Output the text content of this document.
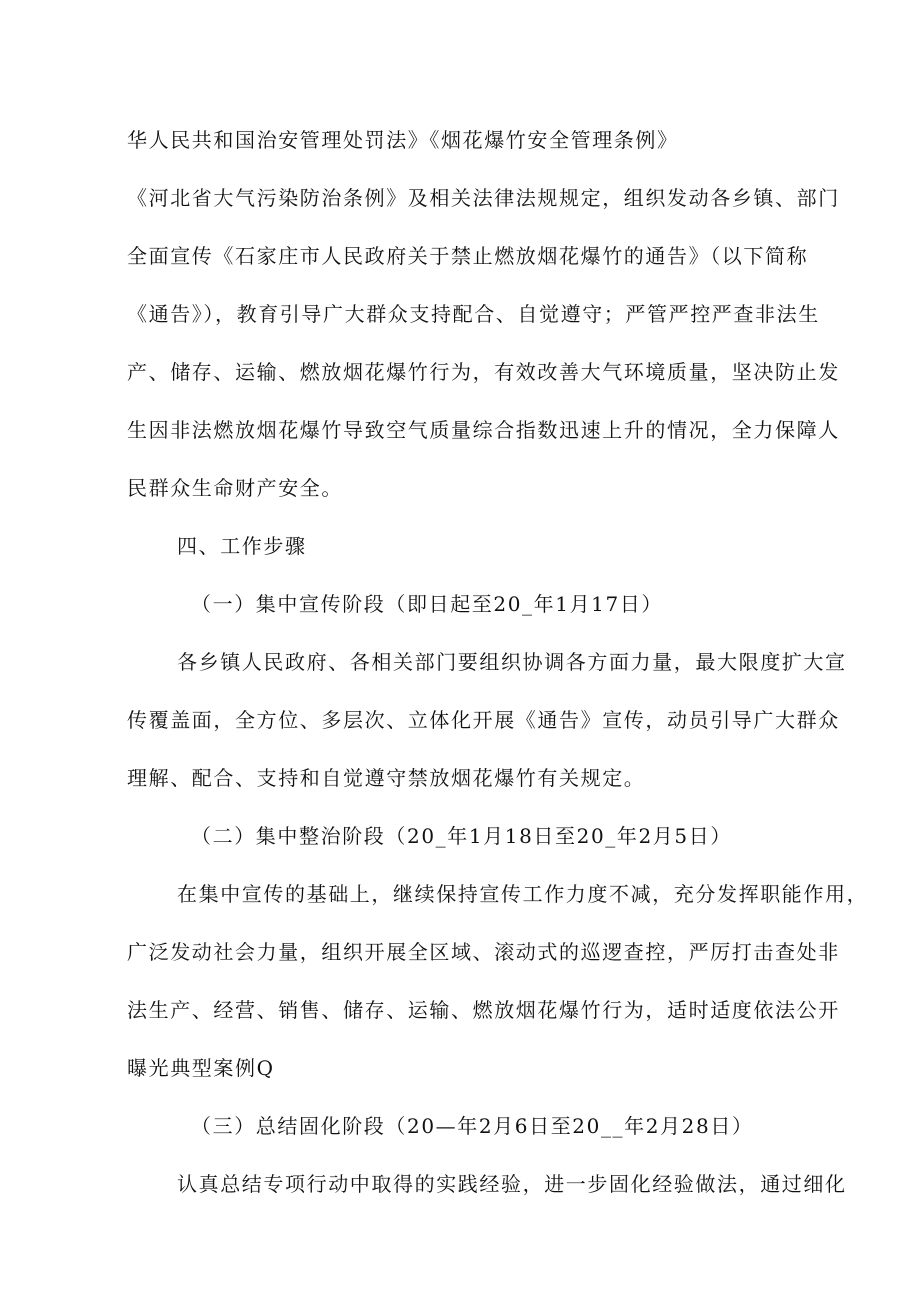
华人民共和国治安管理处罚法》《烟花爆竹安全管理条例》
《河北省大气污染防治条例》及相关法律法规规定，组织发动各乡镇、部门
全面宣传《石家庄市人民政府关于禁止燃放烟花爆竹的通告》（以下简称
《通告》），教育引导广大群众支持配合、自觉遵守；严管严控严查非法生
产、储存、运输、燃放烟花爆竹行为，有效改善大气环境质量，坚决防止发
生因非法燃放烟花爆竹导致空气质量综合指数迅速上升的情况，全力保障人
民群众生命财产安全。
四、工作步骤
（一）集中宣传阶段（即日起至20_年1月17日）
各乡镇人民政府、各相关部门要组织协调各方面力量，最大限度扩大宣
传覆盖面，全方位、多层次、立体化开展《通告》宣传，动员引导广大群众
理解、配合、支持和自觉遵守禁放烟花爆竹有关规定。
（二）集中整治阶段（20_年1月18日至20_年2月5日）
在集中宣传的基础上，继续保持宣传工作力度不减，充分发挥职能作用，
广泛发动社会力量，组织开展全区域、滚动式的巡逻查控，严厉打击查处非
法生产、经营、销售、储存、运输、燃放烟花爆竹行为，适时适度依法公开
曝光典型案例Q
（三）总结固化阶段（20—年2月6日至20__年2月28日）
认真总结专项行动中取得的实践经验，进一步固化经验做法，通过细化
